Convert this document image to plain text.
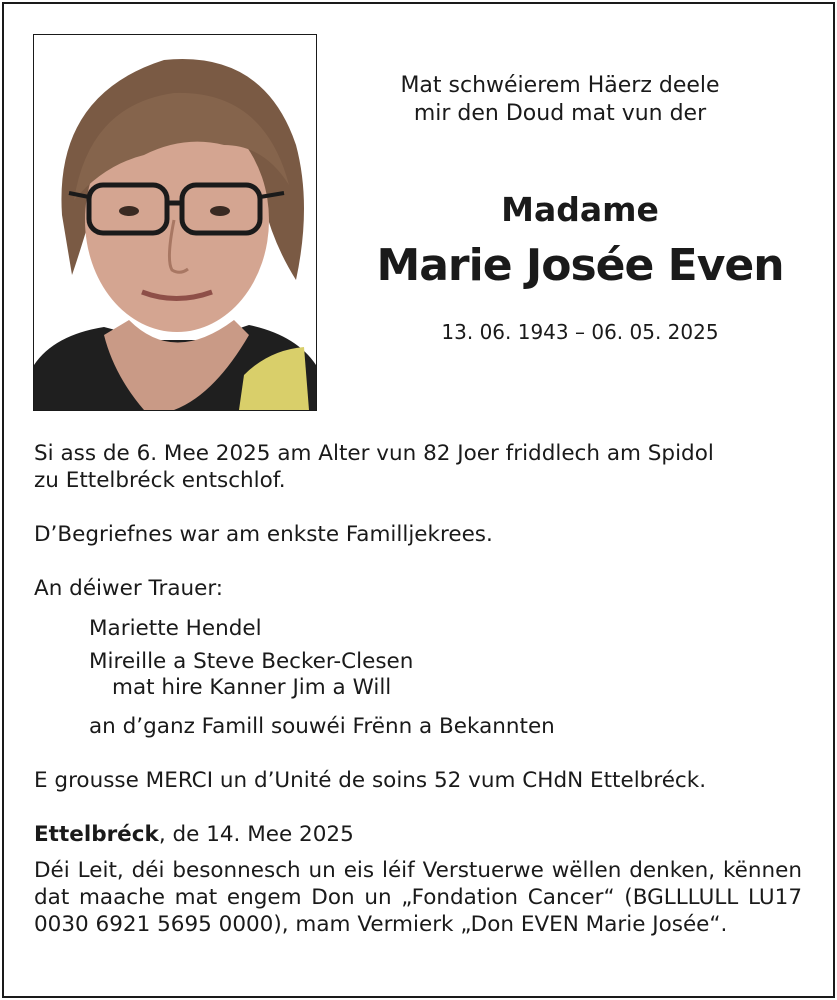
Mat schwéierem Häerz deele
mir den Doud mat vun der
Madame
Marie Josée Even
13. 06. 1943 – 06. 05. 2025
Si ass de 6. Mee 2025 am Alter vun 82 Joer friddlech am Spidol
zu Ettelbréck entschlof.
D’Begriefnes war am enkste Familljekrees.
An déiwer Trauer:
Mariette Hendel
Mireille a Steve Becker-Clesen
mat hire Kanner Jim a Will
an d’ganz Famill souwéi Frënn a Bekannten
E grousse MERCI un d’Unité de soins 52 vum CHdN Ettelbréck.
Ettelbréck, de 14. Mee 2025
Déi Leit, déi besonnesch un eis léif Verstuerwe wëllen denken, kënnen dat maache mat engem Don un „Fondation Cancer“ (BGLLLULL LU17 0030 6921 5695 0000), mam Vermierk „Don EVEN Marie Josée“.
